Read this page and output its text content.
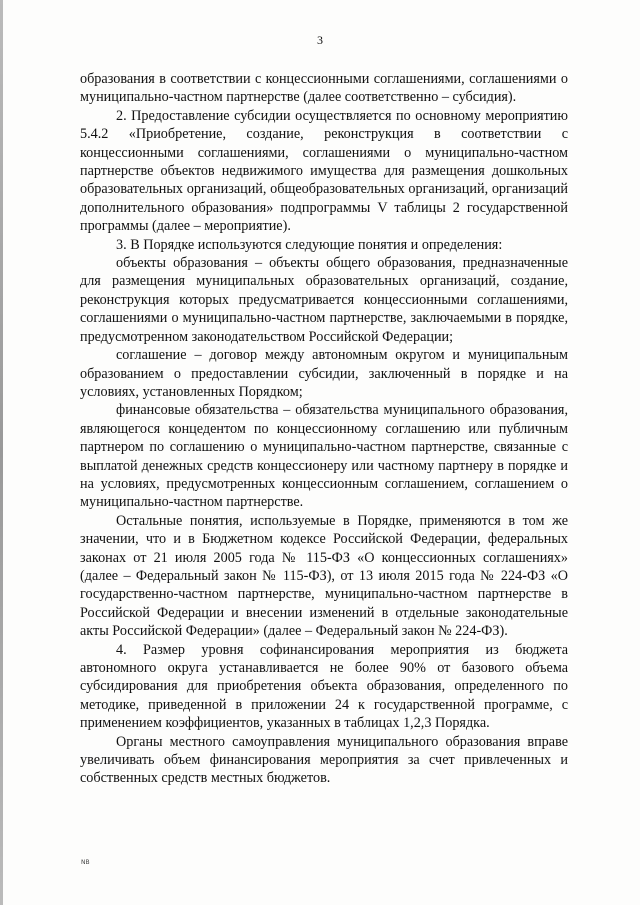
3

образования в соответствии с концессионными соглашениями, соглашениями о муниципально-частном партнерстве (далее соответственно – субсидия).

2. Предоставление субсидии осуществляется по основному мероприятию 5.4.2 «Приобретение, создание, реконструкция в соответствии с концессионными соглашениями, соглашениями о муниципально-частном партнерстве объектов недвижимого имущества для размещения дошкольных образовательных организаций, общеобразовательных организаций, организаций дополнительного образования» подпрограммы V таблицы 2 государственной программы (далее – мероприятие).

3. В Порядке используются следующие понятия и определения:

объекты образования – объекты общего образования, предназначенные для размещения муниципальных образовательных организаций, создание, реконструкция которых предусматривается концессионными соглашениями, соглашениями о муниципально-частном партнерстве, заключаемыми в порядке, предусмотренном законодательством Российской Федерации;

соглашение – договор между автономным округом и муниципальным образованием о предоставлении субсидии, заключенный в порядке и на условиях, установленных Порядком;

финансовые обязательства – обязательства муниципального образования, являющегося концедентом по концессионному соглашению или публичным партнером по соглашению о муниципально-частном партнерстве, связанные с выплатой денежных средств концессионеру или частному партнеру в порядке и на условиях, предусмотренных концессионным соглашением, соглашением о муниципально-частном партнерстве.

Остальные понятия, используемые в Порядке, применяются в том же значении, что и в Бюджетном кодексе Российской Федерации, федеральных законах от 21 июля 2005 года № 115-ФЗ «О концессионных соглашениях» (далее – Федеральный закон № 115-ФЗ), от 13 июля 2015 года № 224-ФЗ «О государственно-частном партнерстве, муниципально-частном партнерстве в Российской Федерации и внесении изменений в отдельные законодательные акты Российской Федерации» (далее – Федеральный закон № 224-ФЗ).

4. Размер уровня софинансирования мероприятия из бюджета автономного округа устанавливается не более 90% от базового объема субсидирования для приобретения объекта образования, определенного по методике, приведенной в приложении 24 к государственной программе, с применением коэффициентов, указанных в таблицах 1,2,3 Порядка.

Органы местного самоуправления муниципального образования вправе увеличивать объем финансирования мероприятия за счет привлеченных и собственных средств местных бюджетов.

NB
